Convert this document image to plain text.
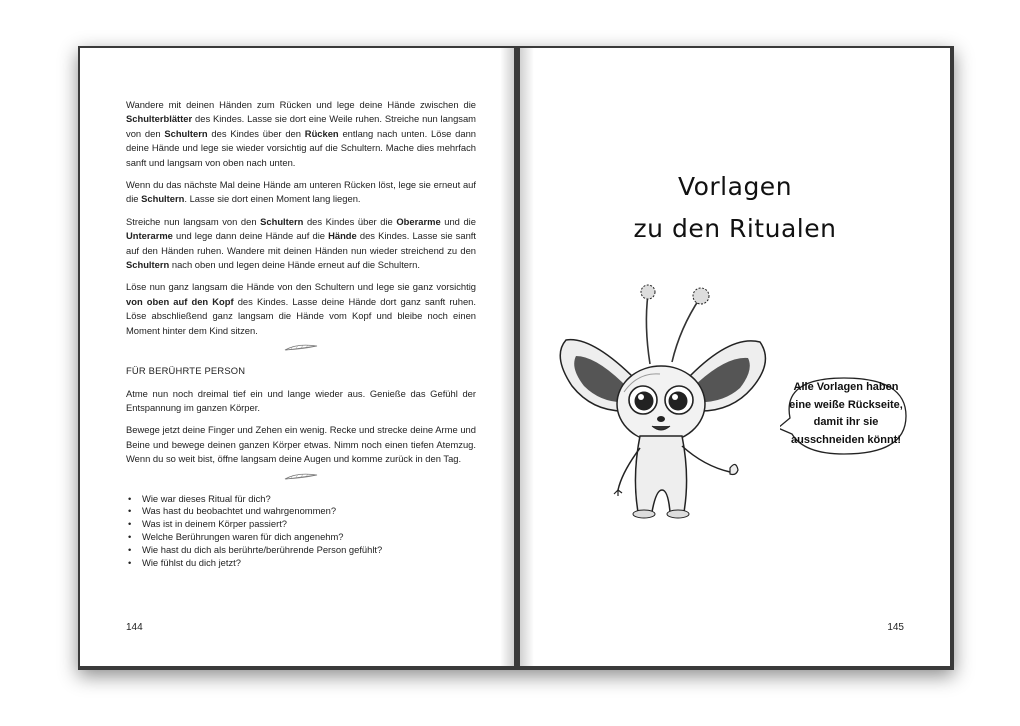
Wandere mit deinen Händen zum Rücken und lege deine Hände zwischen die Schulterblätter des Kindes. Lasse sie dort eine Weile ruhen. Streiche nun langsam von den Schultern des Kindes über den Rücken entlang nach unten. Löse dann deine Hände und lege sie wieder vorsichtig auf die Schultern. Mache dies mehrfach sanft und langsam von oben nach unten.

Wenn du das nächste Mal deine Hände am unteren Rücken löst, lege sie erneut auf die Schultern. Lasse sie dort einen Moment lang liegen.

Streiche nun langsam von den Schultern des Kindes über die Oberarme und die Unterarme und lege dann deine Hände auf die Hände des Kindes. Lasse sie sanft auf den Händen ruhen. Wandere mit deinen Händen nun wieder streichend zu den Schultern nach oben und legen deine Hände erneut auf die Schultern.

Löse nun ganz langsam die Hände von den Schultern und lege sie ganz vorsichtig von oben auf den Kopf des Kindes. Lasse deine Hände dort ganz sanft ruhen. Löse abschließend ganz langsam die Hände vom Kopf und bleibe noch einen Moment hinter dem Kind sitzen.

FÜR BERÜHRTE PERSON

Atme nun noch dreimal tief ein und lange wieder aus. Genieße das Gefühl der Entspannung im ganzen Körper.

Bewege jetzt deine Finger und Zehen ein wenig. Recke und strecke deine Arme und Beine und bewege deinen ganzen Körper etwas. Nimm noch einen tiefen Atemzug. Wenn du so weit bist, öffne langsam deine Augen und komme zurück in den Tag.

• Wie war dieses Ritual für dich?
• Was hast du beobachtet und wahrgenommen?
• Was ist in deinem Körper passiert?
• Welche Berührungen waren für dich angenehm?
• Wie hast du dich als berührte/berührende Person gefühlt?
• Wie fühlst du dich jetzt?
144
Vorlagen
zu den Ritualen
Alle Vorlagen haben
eine weiße Rückseite,
damit ihr sie
ausschneiden könnt!
145
